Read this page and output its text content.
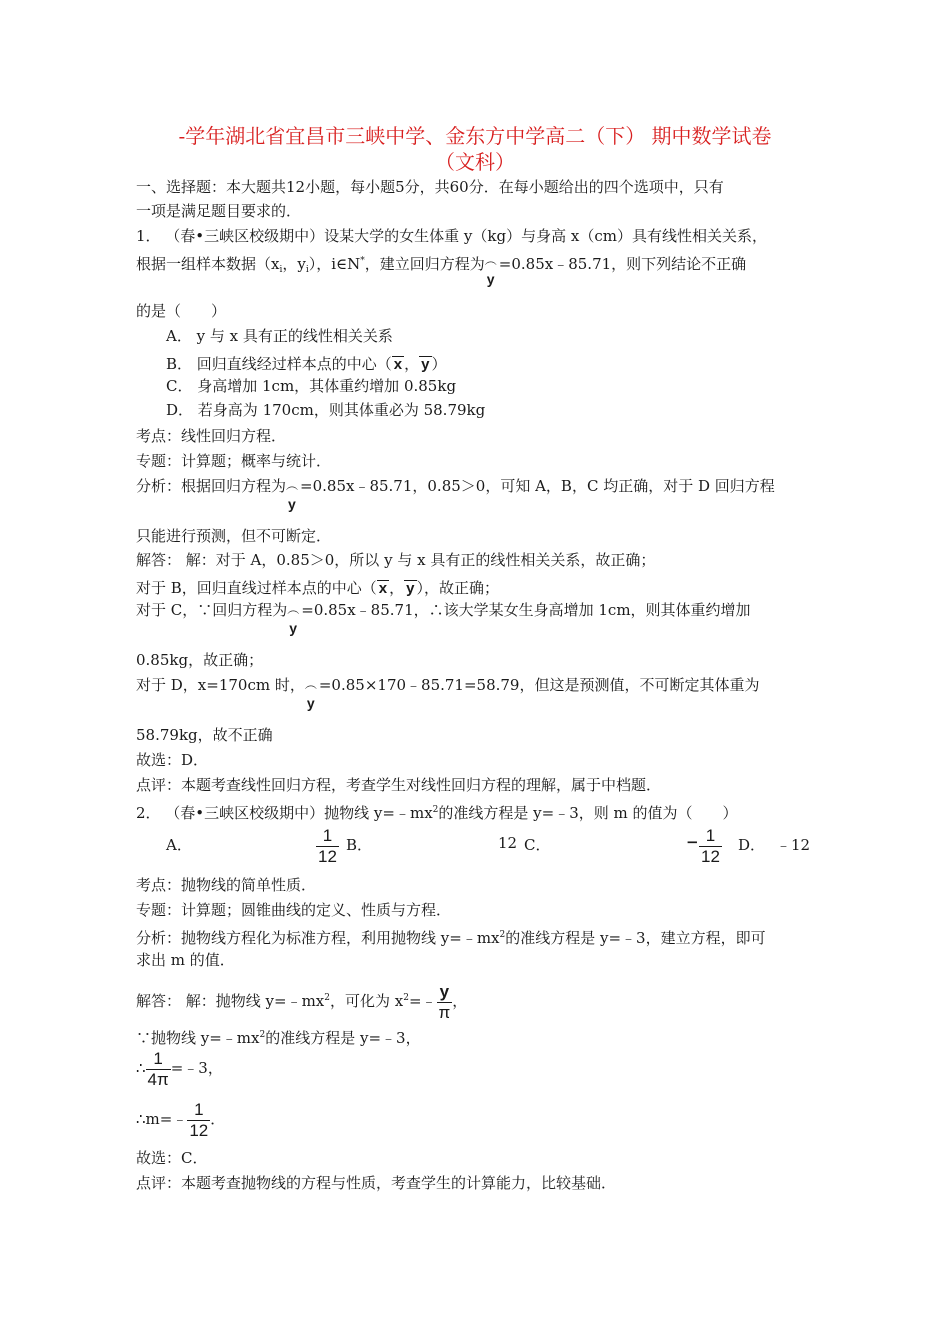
-学年湖北省宜昌市三峡中学、金东方中学高二（下） 期中数学试卷
（文科）
一、选择题：本大题共12小题，每小题5分，共60分．在每小题给出的四个选项中，只有
一项是满足题目要求的．
1． （春•三峡区校级期中）设某大学的女生体重 y（kg）与身高 x（cm）具有线性相关关系，
根据一组样本数据（$x_i$，$y_i$），i∈N*，建立回归方程为 ︵
y
=0.85x﹣85.71，则下列结论不正确
的是（　　）
A． y 与 x 具有正的线性相关关系
B． 回归直线经过样本点的中心（ x ， y ）
C． 身高增加 1cm，其体重约增加 0.85kg
D． 若身高为 170cm，则其体重必为 58.79kg
考点：线性回归方程．
专题：计算题；概率与统计．
分析：根据回归方程为 ︵
y
=0.85x﹣85.71，0.85＞0，可知 A，B，C 均正确，对于 D 回归方程
只能进行预测，但不可断定．
解答： 解：对于 A，0.85＞0，所以 y 与 x 具有正的线性相关关系，故正确；
对于 B，回归直线过样本点的中心（ x ， y ），故正确；
对于 C，∵回归方程为 ︵
y
=0.85x﹣85.71，∴该大学某女生身高增加 1cm，则其体重约增加
0.85kg，故正确；
对于 D，x=170cm 时， ︵
y
=0.85×170﹣85.71=58.79，但这是预测值，不可断定其体重为
58.79kg，故不正确
故选：D．
点评：本题考查线性回归方程，考查学生对线性回归方程的理解，属于中档题．
2． （春•三峡区校级期中）抛物线 $y=﹣mx^2$的准线方程是 y=﹣3，则 m 的值为（　　）
A．	$\frac{1}{12}$ B．	12 C．	− $\frac{1}{12}$ D． ﹣12
考点：抛物线的简单性质．
专题：计算题；圆锥曲线的定义、性质与方程．
分析：抛物线方程化为标准方程，利用抛物线 $y=﹣mx^2$的准线方程是 y=﹣3，建立方程，即可
求出 m 的值．
解答： 解：抛物线 $y=﹣mx^2$，可化为 $x^2=﹣ \frac{y}{\pi}$ ，
∵抛物线 $y=﹣mx^2$的准线方程是 y=﹣3，
∴ $\frac{1}{4\pi}$ =﹣3，
∴m=﹣ $\frac{1}{12}$ ．
故选：C．
点评：本题考查抛物线的方程与性质，考查学生的计算能力，比较基础．
